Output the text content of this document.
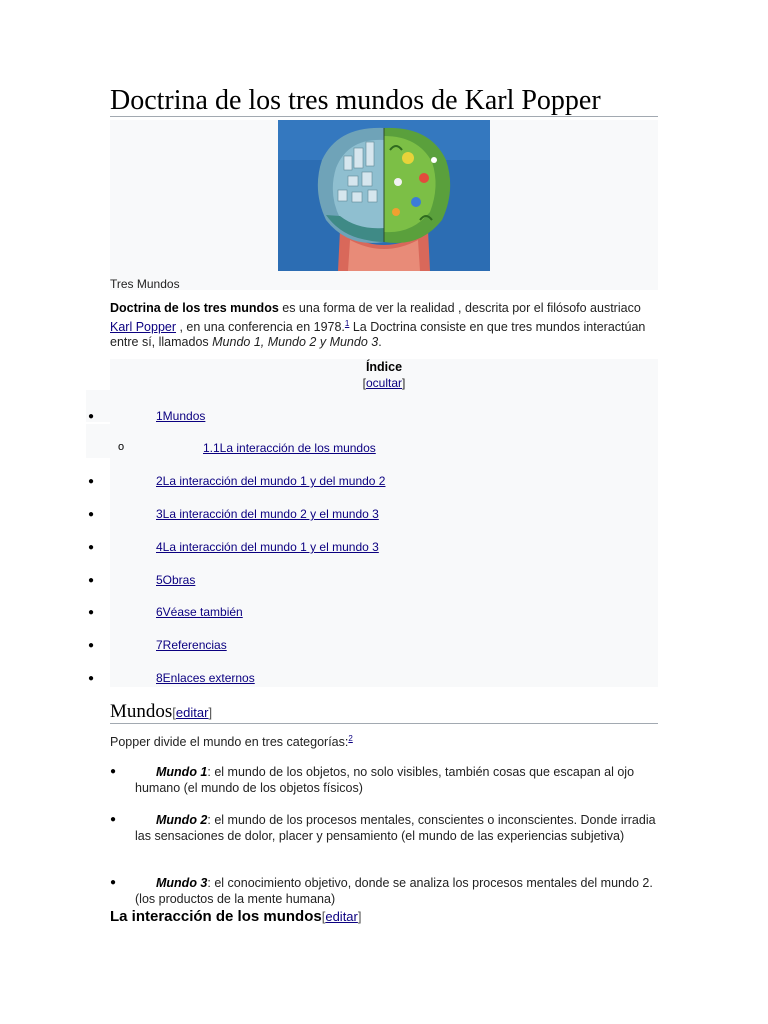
Doctrina de los tres mundos de Karl Popper
Tres Mundos
Doctrina de los tres mundos es una forma de ver la realidad , descrita por el filósofo austriaco Karl Popper , en una conferencia en 1978.$^1$ La Doctrina consiste en que tres mundos interactúan entre sí, llamados Mundo 1, Mundo 2 y Mundo 3.
Índice
[ocultar]
●	1Mundos
o	1.1La interacción de los mundos
●	2La interacción del mundo 1 y del mundo 2
●	3La interacción del mundo 2 y el mundo 3
●	4La interacción del mundo 1 y el mundo 3
●	5Obras
●	6Véase también
●	7Referencias
●	8Enlaces externos
Mundos[editar]
Popper divide el mundo en tres categorías:$^2$
●	Mundo 1: el mundo de los objetos, no solo visibles, también cosas que escapan al ojo humano (el mundo de los objetos físicos)
●	Mundo 2: el mundo de los procesos mentales, conscientes o inconscientes. Donde irradia las sensaciones de dolor, placer y pensamiento (el mundo de las experiencias subjetiva)
●	Mundo 3: el conocimiento objetivo, donde se analiza los procesos mentales del mundo 2.(los productos de la mente humana)
La interacción de los mundos[editar]
